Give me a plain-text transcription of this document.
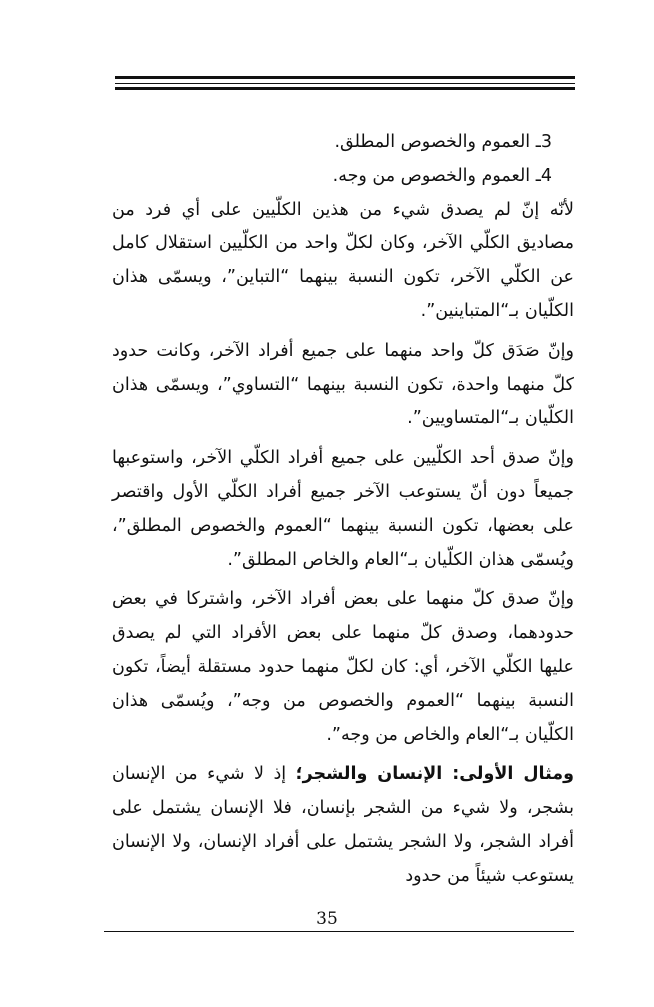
3ـ العموم والخصوص المطلق.

4ـ العموم والخصوص من وجه.

لأنّه إنّ لم يصدق شيء من هذين الكلّيين على أي فرد من مصاديق الكلّي الآخر، وكان لكلّ واحد من الكلّيين استقلال كامل عن الكلّي الآخر، تكون النسبة بينهما “التباين”، ويسمّى هذان الكلّيان بـ“المتباينين”.

وإنّ صَدَق كلّ واحد منهما على جميع أفراد الآخر، وكانت حدود كلّ منهما واحدة، تكون النسبة بينهما “التساوي”، ويسمّى هذان الكلّيان بـ“المتساويين”.

وإنّ صدق أحد الكلّيين على جميع أفراد الكلّي الآخر، واستوعبها جميعاً دون أنّ يستوعب الآخر جميع أفراد الكلّي الأول واقتصر على بعضها، تكون النسبة بينهما “العموم والخصوص المطلق”، ويُسمّى هذان الكلّيان بـ“العام والخاص المطلق”.

وإنّ صدق كلّ منهما على بعض أفراد الآخر، واشتركا في بعض حدودهما، وصدق كلّ منهما على بعض الأفراد التي لم يصدق عليها الكلّي الآخر، أي: كان لكلّ منهما حدود مستقلة أيضاً، تكون النسبة بينهما “العموم والخصوص من وجه”، ويُسمّى هذان الكلّيان بـ“العام والخاص من وجه”.

ومثال الأولى: الإنسان والشجر؛ إذ لا شيء من الإنسان بشجر، ولا شيء من الشجر بإنسان، فلا الإنسان يشتمل على أفراد الشجر، ولا الشجر يشتمل على أفراد الإنسان، ولا الإنسان يستوعب شيئاً من حدود

35
